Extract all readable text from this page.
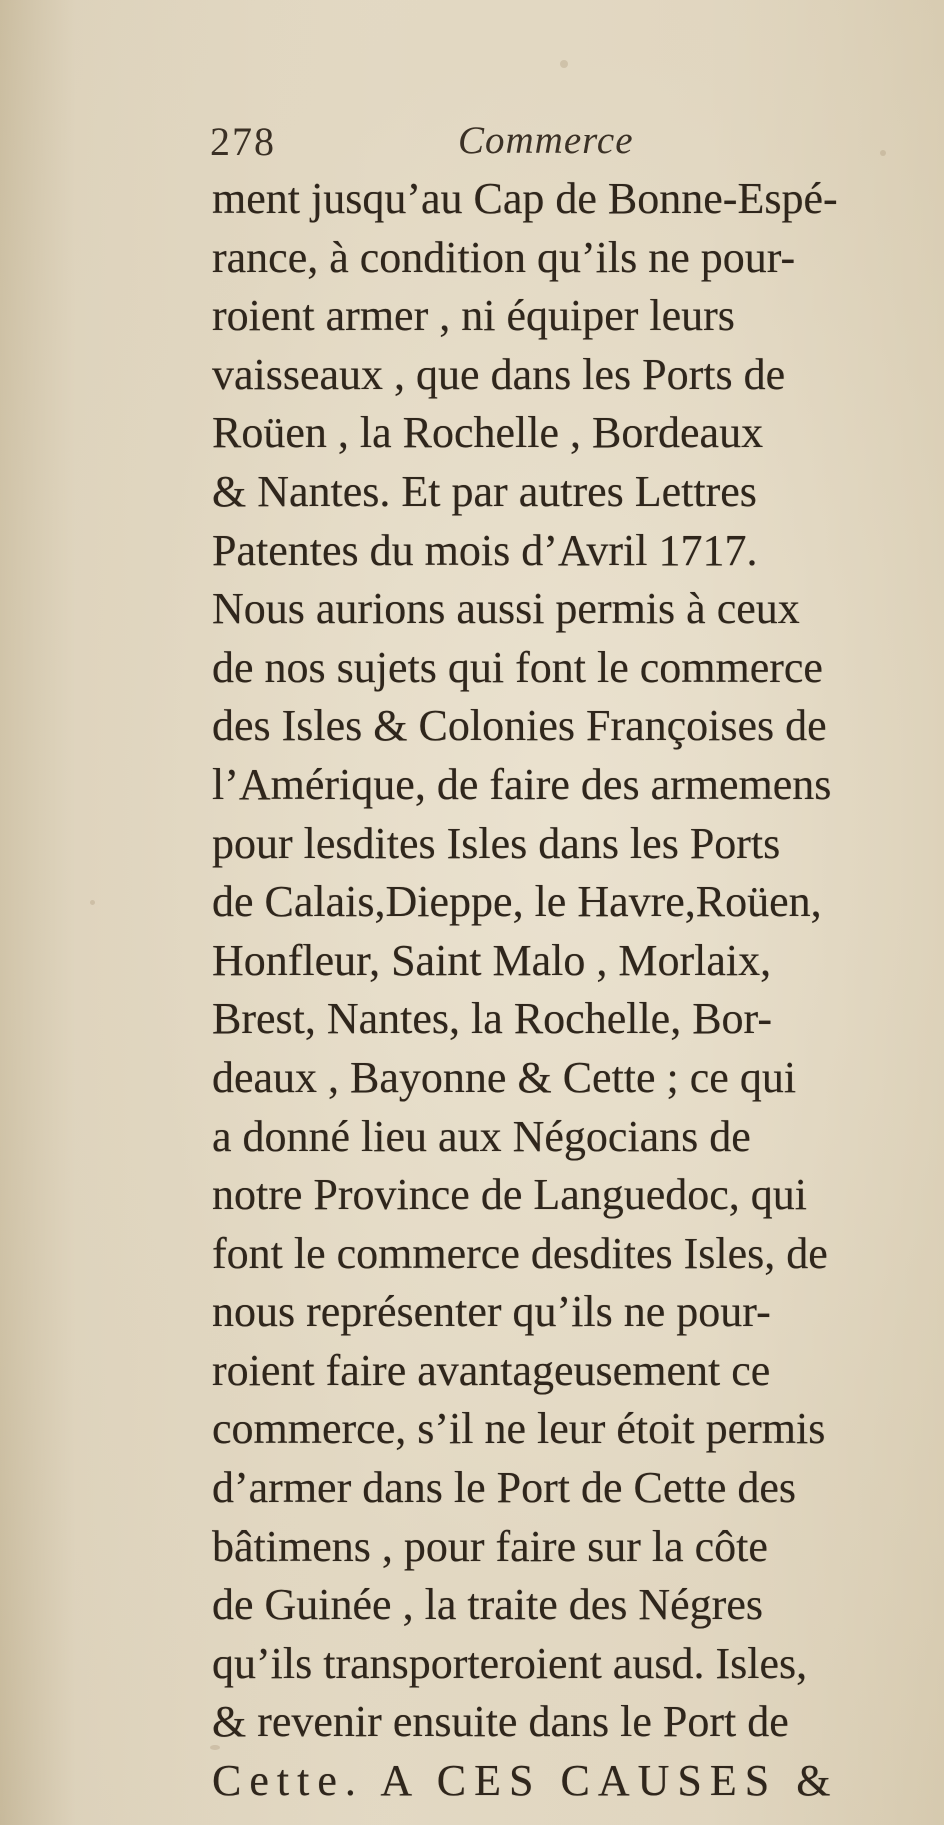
278	Commerce
ment jusqu’au Cap de Bonne-Espé-
rance, à condition qu’ils ne pour-
roient armer , ni équiper leurs
vaisseaux , que dans les Ports de
Roüen , la Rochelle , Bordeaux
& Nantes. Et par autres Lettres
Patentes du mois d’Avril 1717.
Nous aurions aussi permis à ceux
de nos sujets qui font le commerce
des Isles & Colonies Françoises de
l’Amérique, de faire des armemens
pour lesdites Isles dans les Ports
de Calais,Dieppe, le Havre,Roüen,
Honfleur, Saint Malo , Morlaix,
Brest, Nantes, la Rochelle, Bor-
deaux , Bayonne & Cette ; ce qui
a donné lieu aux Négocians de
notre Province de Languedoc, qui
font le commerce desdites Isles, de
nous représenter qu’ils ne pour-
roient faire avantageusement ce
commerce, s’il ne leur étoit permis
d’armer dans le Port de Cette des
bâtimens , pour faire sur la côte
de Guinée , la traite des Négres
qu’ils transporteroient ausd. Isles,
& revenir ensuite dans le Port de
Cette. A CES CAUSES &
